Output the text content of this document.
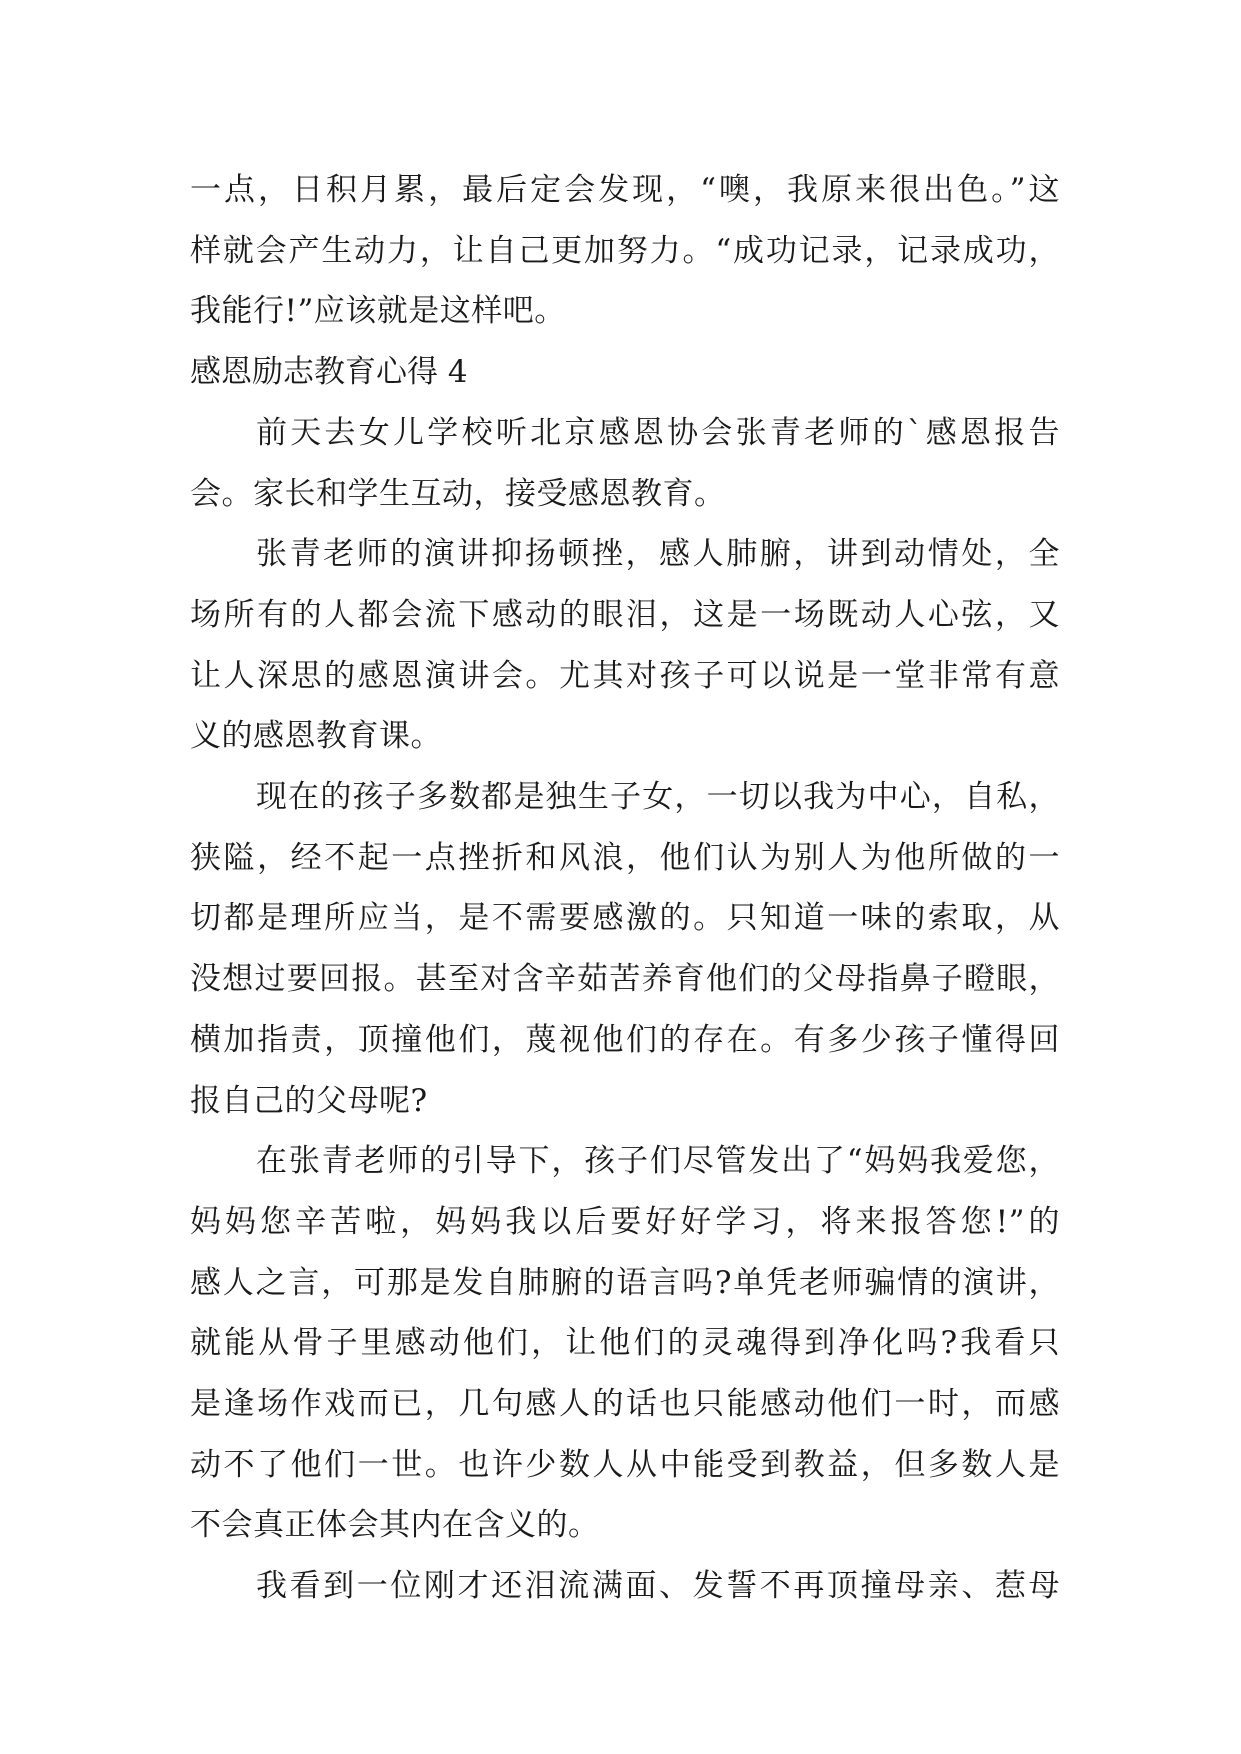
一点，日积月累，最后定会发现，“噢，我原来很出色。”这
样就会产生动力，让自己更加努力。“成功记录，记录成功，
我能行!”应该就是这样吧。
感恩励志教育心得 4
前天去女儿学校听北京感恩协会张青老师的`感恩报告
会。家长和学生互动，接受感恩教育。
张青老师的演讲抑扬顿挫，感人肺腑，讲到动情处，全
场所有的人都会流下感动的眼泪，这是一场既动人心弦，又
让人深思的感恩演讲会。尤其对孩子可以说是一堂非常有意
义的感恩教育课。
现在的孩子多数都是独生子女，一切以我为中心，自私，
狭隘，经不起一点挫折和风浪，他们认为别人为他所做的一
切都是理所应当，是不需要感激的。只知道一味的索取，从
没想过要回报。甚至对含辛茹苦养育他们的父母指鼻子瞪眼，
横加指责，顶撞他们，蔑视他们的存在。有多少孩子懂得回
报自己的父母呢?
在张青老师的引导下，孩子们尽管发出了“妈妈我爱您，
妈妈您辛苦啦，妈妈我以后要好好学习，将来报答您!”的
感人之言，可那是发自肺腑的语言吗?单凭老师骗情的演讲，
就能从骨子里感动他们，让他们的灵魂得到净化吗?我看只
是逢场作戏而已，几句感人的话也只能感动他们一时，而感
动不了他们一世。也许少数人从中能受到教益，但多数人是
不会真正体会其内在含义的。
我看到一位刚才还泪流满面、发誓不再顶撞母亲、惹母
